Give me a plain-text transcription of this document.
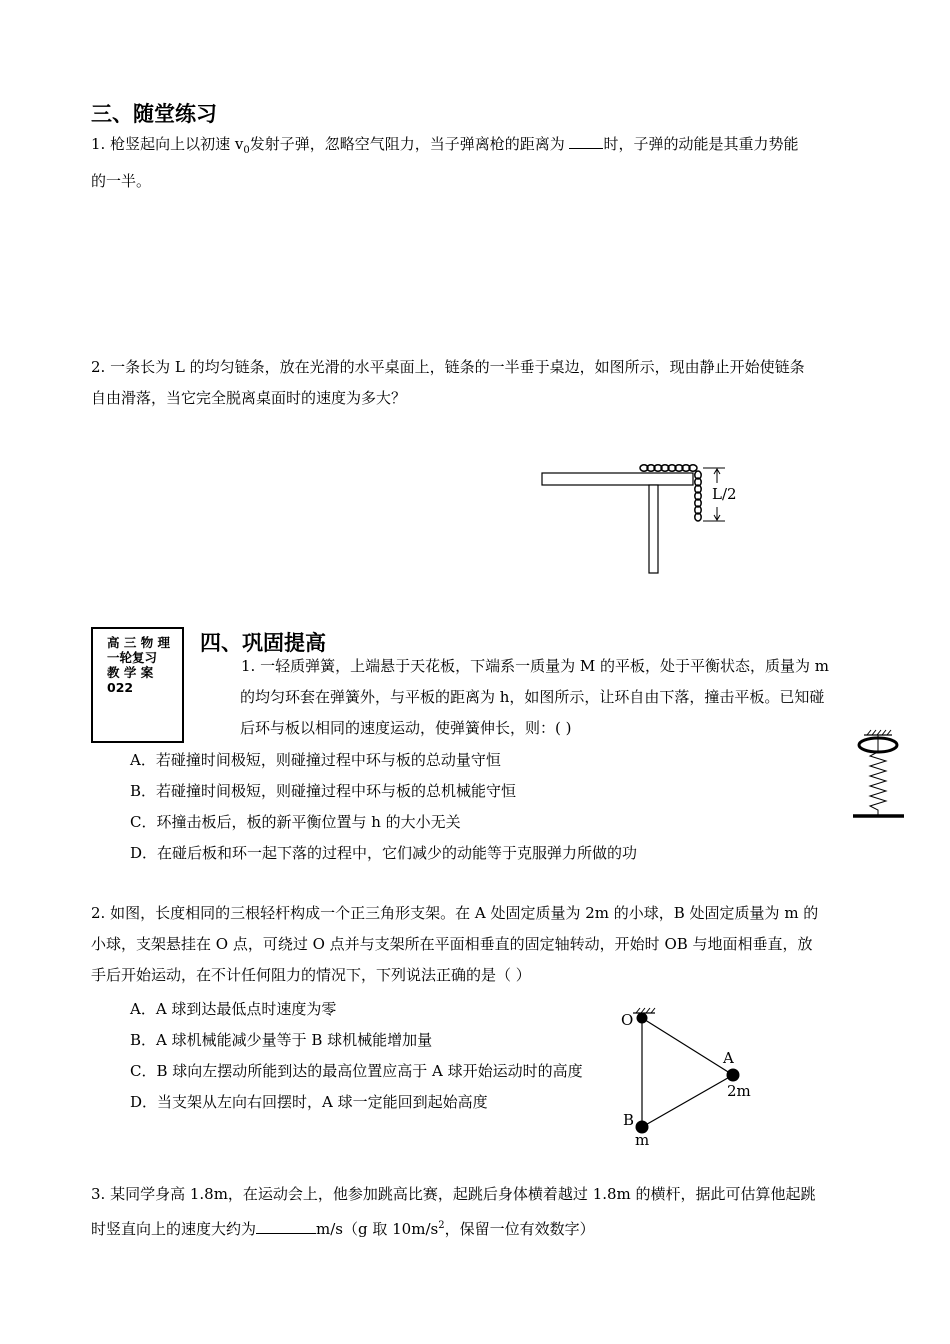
三、随堂练习
1. 枪竖起向上以初速 $v_0$发射子弹，忽略空气阻力，当子弹离枪的距离为 时，子弹的动能是其重力势能
的一半。
2. 一条长为 L 的均匀链条，放在光滑的水平桌面上，链条的一半垂于桌边，如图所示，现由静止开始使链条
自由滑落，当它完全脱离桌面时的速度为多大？
L/2
高 三 物 理
一轮复习
教 学 案
022
四、巩固提高
1. 一轻质弹簧，上端悬于天花板，下端系一质量为 M 的平板，处于平衡状态，质量为 m
的均匀环套在弹簧外，与平板的距离为 h，如图所示，让环自由下落，撞击平板。已知碰
后环与板以相同的速度运动，使弹簧伸长，则：( )
A．若碰撞时间极短，则碰撞过程中环与板的总动量守恒
B．若碰撞时间极短，则碰撞过程中环与板的总机械能守恒
C．环撞击板后，板的新平衡位置与 h 的大小无关
D．在碰后板和环一起下落的过程中，它们减少的动能等于克服弹力所做的功
2. 如图，长度相同的三根轻杆构成一个正三角形支架。在 A 处固定质量为 2m 的小球，B 处固定质量为 m 的
小球，支架悬挂在 O 点，可绕过 O 点并与支架所在平面相垂直的固定轴转动，开始时 OB 与地面相垂直，放
手后开始运动，在不计任何阻力的情况下，下列说法正确的是（ ）
A．A 球到达最低点时速度为零
B．A 球机械能减少量等于 B 球机械能增加量
C．B 球向左摆动所能到达的最高位置应高于 A 球开始运动时的高度
D．当支架从左向右回摆时，A 球一定能回到起始高度
O
A
2m
B
m
3. 某同学身高 1.8m，在运动会上，他参加跳高比赛，起跳后身体横着越过 1.8m 的横杆，据此可估算他起跳
时竖直向上的速度大约为	m/s（g 取 $10m/s^2$，保留一位有效数字）
